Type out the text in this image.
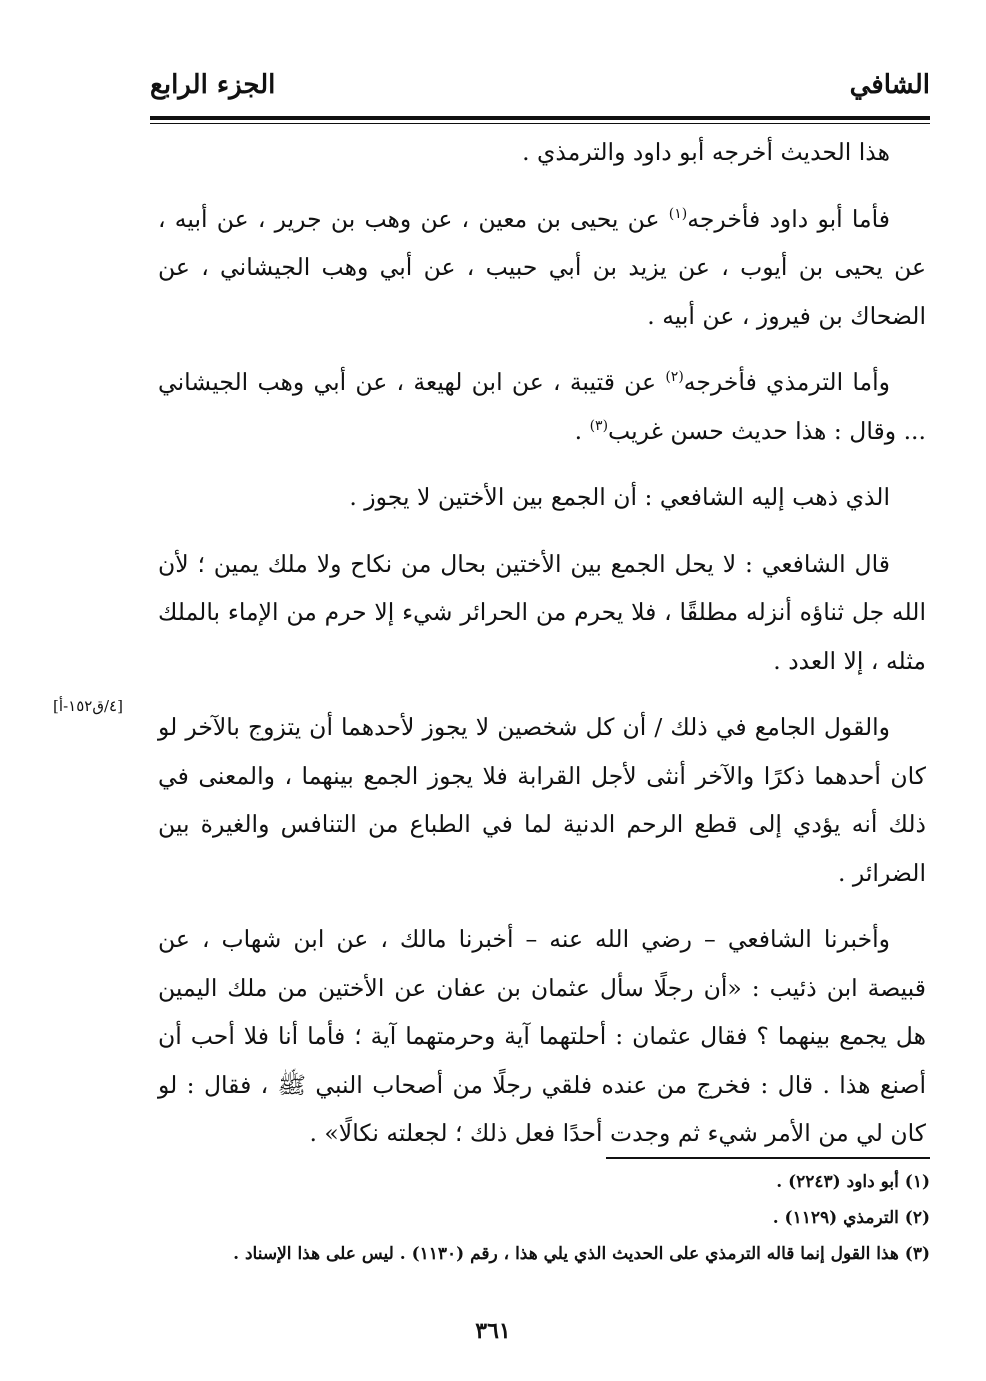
الشافي
الجزء الرابع

هذا الحديث أخرجه أبو داود والترمذي .

فأما أبو داود فأخرجه$^{(١)}$ عن يحيى بن معين ، عن وهب بن جرير ، عن أبيه ، عن يحيى بن أيوب ، عن يزيد بن أبي حبيب ، عن أبي وهب الجيشاني ، عن الضحاك بن فيروز ، عن أبيه .

وأما الترمذي فأخرجه$^{(٢)}$ عن قتيبة ، عن ابن لهيعة ، عن أبي وهب الجيشاني ... وقال : هذا حديث حسن غريب$^{(٣)}$ .

الذي ذهب إليه الشافعي : أن الجمع بين الأختين لا يجوز .

قال الشافعي : لا يحل الجمع بين الأختين بحال من نكاح ولا ملك يمين ؛ لأن الله جل ثناؤه أنزله مطلقًا ، فلا يحرم من الحرائر شيء إلا حرم من الإماء بالملك مثله ، إلا العدد .

والقول الجامع في ذلك / أن كل شخصين لا يجوز لأحدهما أن يتزوج بالآخر لو كان أحدهما ذكرًا والآخر أنثى لأجل القرابة فلا يجوز الجمع بينهما ، والمعنى في ذلك أنه يؤدي إلى قطع الرحم الدنية لما في الطباع من التنافس والغيرة بين الضرائر .

وأخبرنا الشافعي – رضي الله عنه – أخبرنا مالك ، عن ابن شهاب ، عن قبيصة ابن ذئيب : «أن رجلًا سأل عثمان بن عفان عن الأختين من ملك اليمين هل يجمع بينهما ؟ فقال عثمان : أحلتهما آية وحرمتهما آية ؛ فأما أنا فلا أحب أن أصنع هذا . قال : فخرج من عنده فلقي رجلًا من أصحاب النبي ﷺ ، فقال : لو كان لي من الأمر شيء ثم وجدت أحدًا فعل ذلك ؛ لجعلته نكالًا» .

[٤/ق١٥٢-أ]

(١) أبو داود (٢٢٤٣) .

(٢) الترمذي (١١٢٩) .

(٣) هذا القول إنما قاله الترمذي على الحديث الذي يلي هذا ، رقم (١١٣٠) . ليس على هذا الإسناد .

٣٦١
